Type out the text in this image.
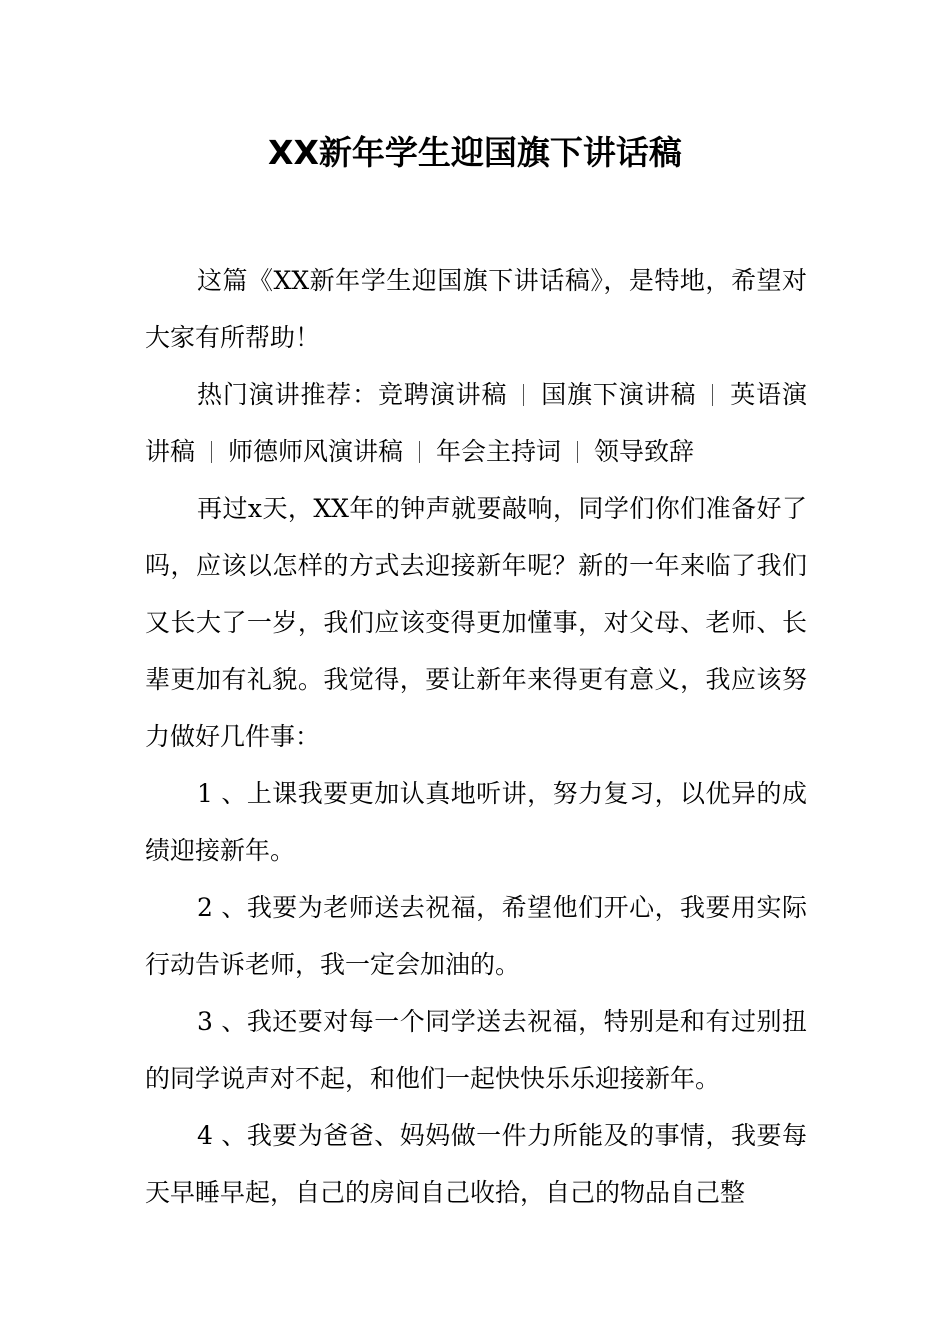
XX新年学生迎国旗下讲话稿

这篇《XX新年学生迎国旗下讲话稿》，是特地，希望对大家有所帮助！

热门演讲推荐：竞聘演讲稿 国旗下演讲稿 英语演讲稿 师德师风演讲稿 年会主持词 领导致辞

再过x天，XX年的钟声就要敲响，同学们你们准备好了吗，应该以怎样的方式去迎接新年呢？新的一年来临了我们又长大了一岁，我们应该变得更加懂事，对父母、老师、长辈更加有礼貌。我觉得，要让新年来得更有意义，我应该努力做好几件事：

1 、上课我要更加认真地听讲，努力复习，以优异的成绩迎接新年。

2 、我要为老师送去祝福，希望他们开心，我要用实际行动告诉老师，我一定会加油的。

3 、我还要对每一个同学送去祝福，特别是和有过别扭的同学说声对不起，和他们一起快快乐乐迎接新年。

4 、我要为爸爸、妈妈做一件力所能及的事情，我要每天早睡早起，自己的房间自己收拾，自己的物品自己整
